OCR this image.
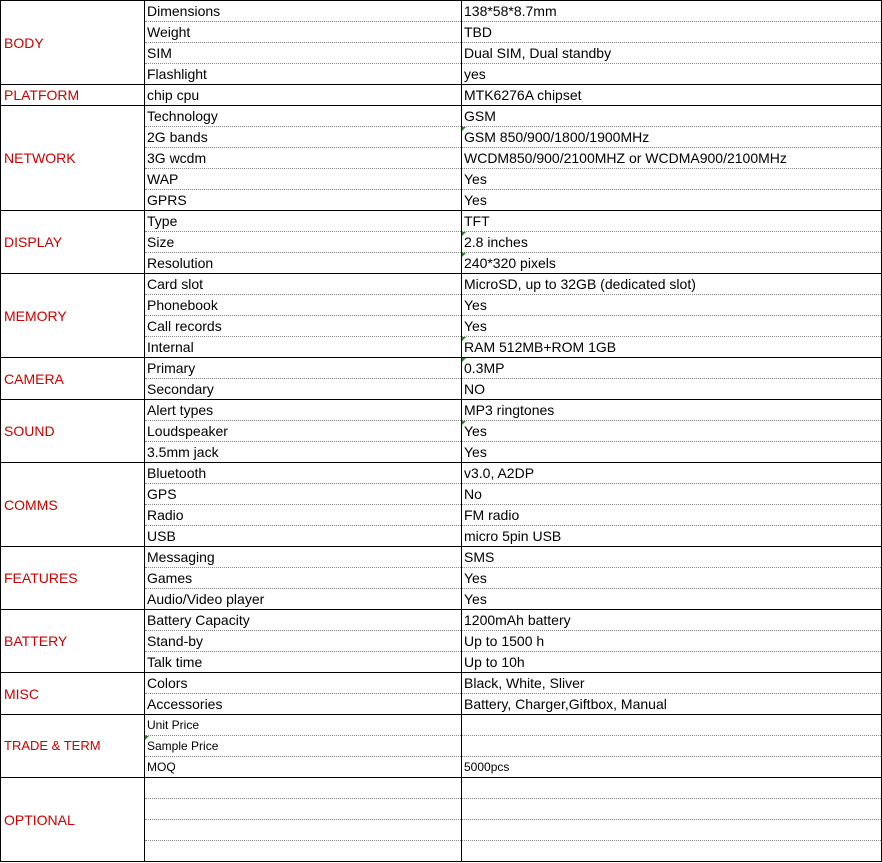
BODY	Dimensions	138*58*8.7mm
	Weight	TBD
	SIM	Dual SIM, Dual standby
	Flashlight	yes
PLATFORM	chip cpu	MTK6276A chipset
NETWORK	Technology	GSM
	2G bands	GSM 850/900/1800/1900MHz
	3G wcdm	WCDM850/900/2100MHZ or WCDMA900/2100MHz
	WAP	Yes
	GPRS	Yes
DISPLAY	Type	TFT
	Size	2.8 inches
	Resolution	240*320 pixels
MEMORY	Card slot	MicroSD, up to 32GB (dedicated slot)
	Phonebook	Yes
	Call records	Yes
	Internal	RAM 512MB+ROM 1GB
CAMERA	Primary	0.3MP
	Secondary	NO
SOUND	Alert types	MP3 ringtones
	Loudspeaker	Yes
	3.5mm jack	Yes
COMMS	Bluetooth	v3.0, A2DP
	GPS	No
	Radio	FM radio
	USB	micro 5pin USB
FEATURES	Messaging	SMS
	Games	Yes
	Audio/Video player	Yes
BATTERY	Battery Capacity	1200mAh battery
	Stand-by	Up to 1500 h
	Talk time	Up to 10h
MISC	Colors	Black, White, Sliver
	Accessories	Battery, Charger,Giftbox, Manual
TRADE & TERM	Unit Price	
	Sample Price	
	MOQ	5000pcs
OPTIONAL		
